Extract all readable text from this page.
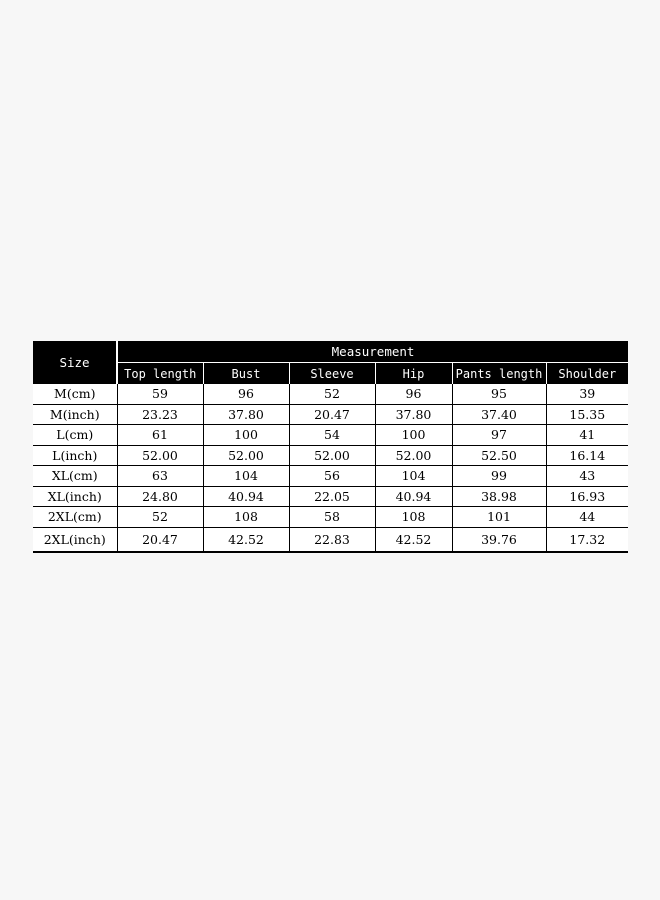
Size	Measurement					
	Top length	Bust	Sleeve	Hip	Pants length	Shoulder
M(cm)	59	96	52	96	95	39
M(inch)	23.23	37.80	20.47	37.80	37.40	15.35
L(cm)	61	100	54	100	97	41
L(inch)	52.00	52.00	52.00	52.00	52.50	16.14
XL(cm)	63	104	56	104	99	43
XL(inch)	24.80	40.94	22.05	40.94	38.98	16.93
2XL(cm)	52	108	58	108	101	44
2XL(inch)	20.47	42.52	22.83	42.52	39.76	17.32
